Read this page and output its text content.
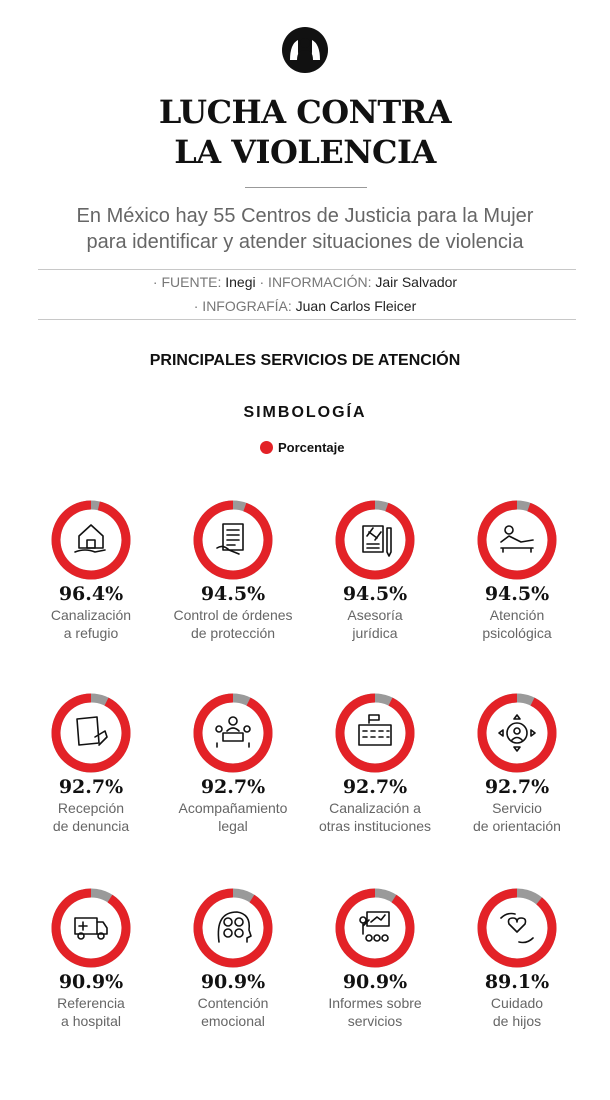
LUCHA CONTRA
LA VIOLENCIA
En México hay 55 Centros de Justicia para la Mujer
para identificar y atender situaciones de violencia
· FUENTE: Inegi · INFORMACIÓN: Jair Salvador
· INFOGRAFÍA: Juan Carlos Fleicer
PRINCIPALES SERVICIOS DE ATENCIÓN
SIMBOLOGÍA
Porcentaje
96.4%
Canalización
a refugio
94.5%
Control de órdenes
de protección
94.5%
Asesoría
jurídica
94.5%
Atención
psicológica
92.7%
Recepción
de denuncia
92.7%
Acompañamiento
legal
92.7%
Canalización a
otras instituciones
92.7%
Servicio
de orientación
90.9%
Referencia
a hospital
90.9%
Contención
emocional
90.9%
Informes sobre
servicios
89.1%
Cuidado
de hijos
